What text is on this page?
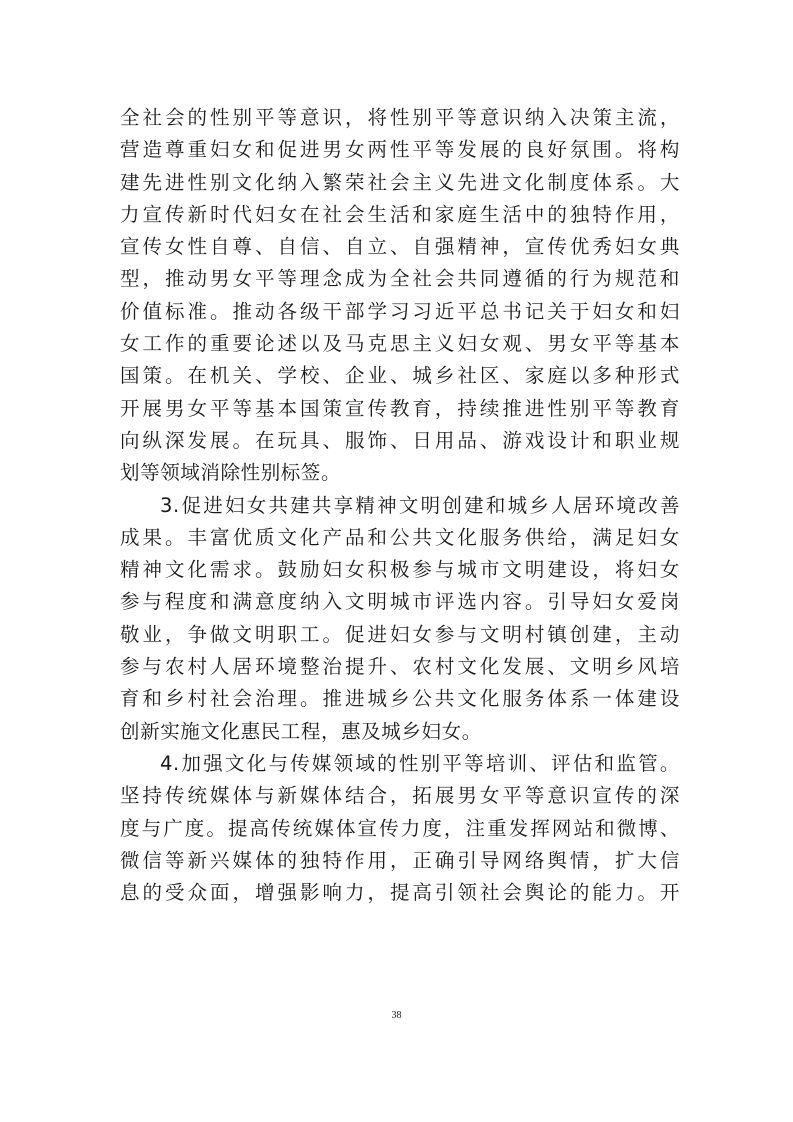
全社会的性别平等意识，将性别平等意识纳入决策主流，
营造尊重妇女和促进男女两性平等发展的良好氛围。将构
建先进性别文化纳入繁荣社会主义先进文化制度体系。大
力宣传新时代妇女在社会生活和家庭生活中的独特作用，
宣传女性自尊、自信、自立、自强精神，宣传优秀妇女典
型，推动男女平等理念成为全社会共同遵循的行为规范和
价值标准。推动各级干部学习习近平总书记关于妇女和妇
女工作的重要论述以及马克思主义妇女观、男女平等基本
国策。在机关、学校、企业、城乡社区、家庭以多种形式
开展男女平等基本国策宣传教育，持续推进性别平等教育
向纵深发展。在玩具、服饰、日用品、游戏设计和职业规
划等领域消除性别标签。
3.促进妇女共建共享精神文明创建和城乡人居环境改善
成果。丰富优质文化产品和公共文化服务供给，满足妇女
精神文化需求。鼓励妇女积极参与城市文明建设，将妇女
参与程度和满意度纳入文明城市评选内容。引导妇女爱岗
敬业，争做文明职工。促进妇女参与文明村镇创建，主动
参与农村人居环境整治提升、农村文化发展、文明乡风培
育和乡村社会治理。推进城乡公共文化服务体系一体建设
创新实施文化惠民工程，惠及城乡妇女。
4.加强文化与传媒领域的性别平等培训、评估和监管。
坚持传统媒体与新媒体结合，拓展男女平等意识宣传的深
度与广度。提高传统媒体宣传力度，注重发挥网站和微博、
微信等新兴媒体的独特作用，正确引导网络舆情，扩大信
息的受众面，增强影响力，提高引领社会舆论的能力。开
38
